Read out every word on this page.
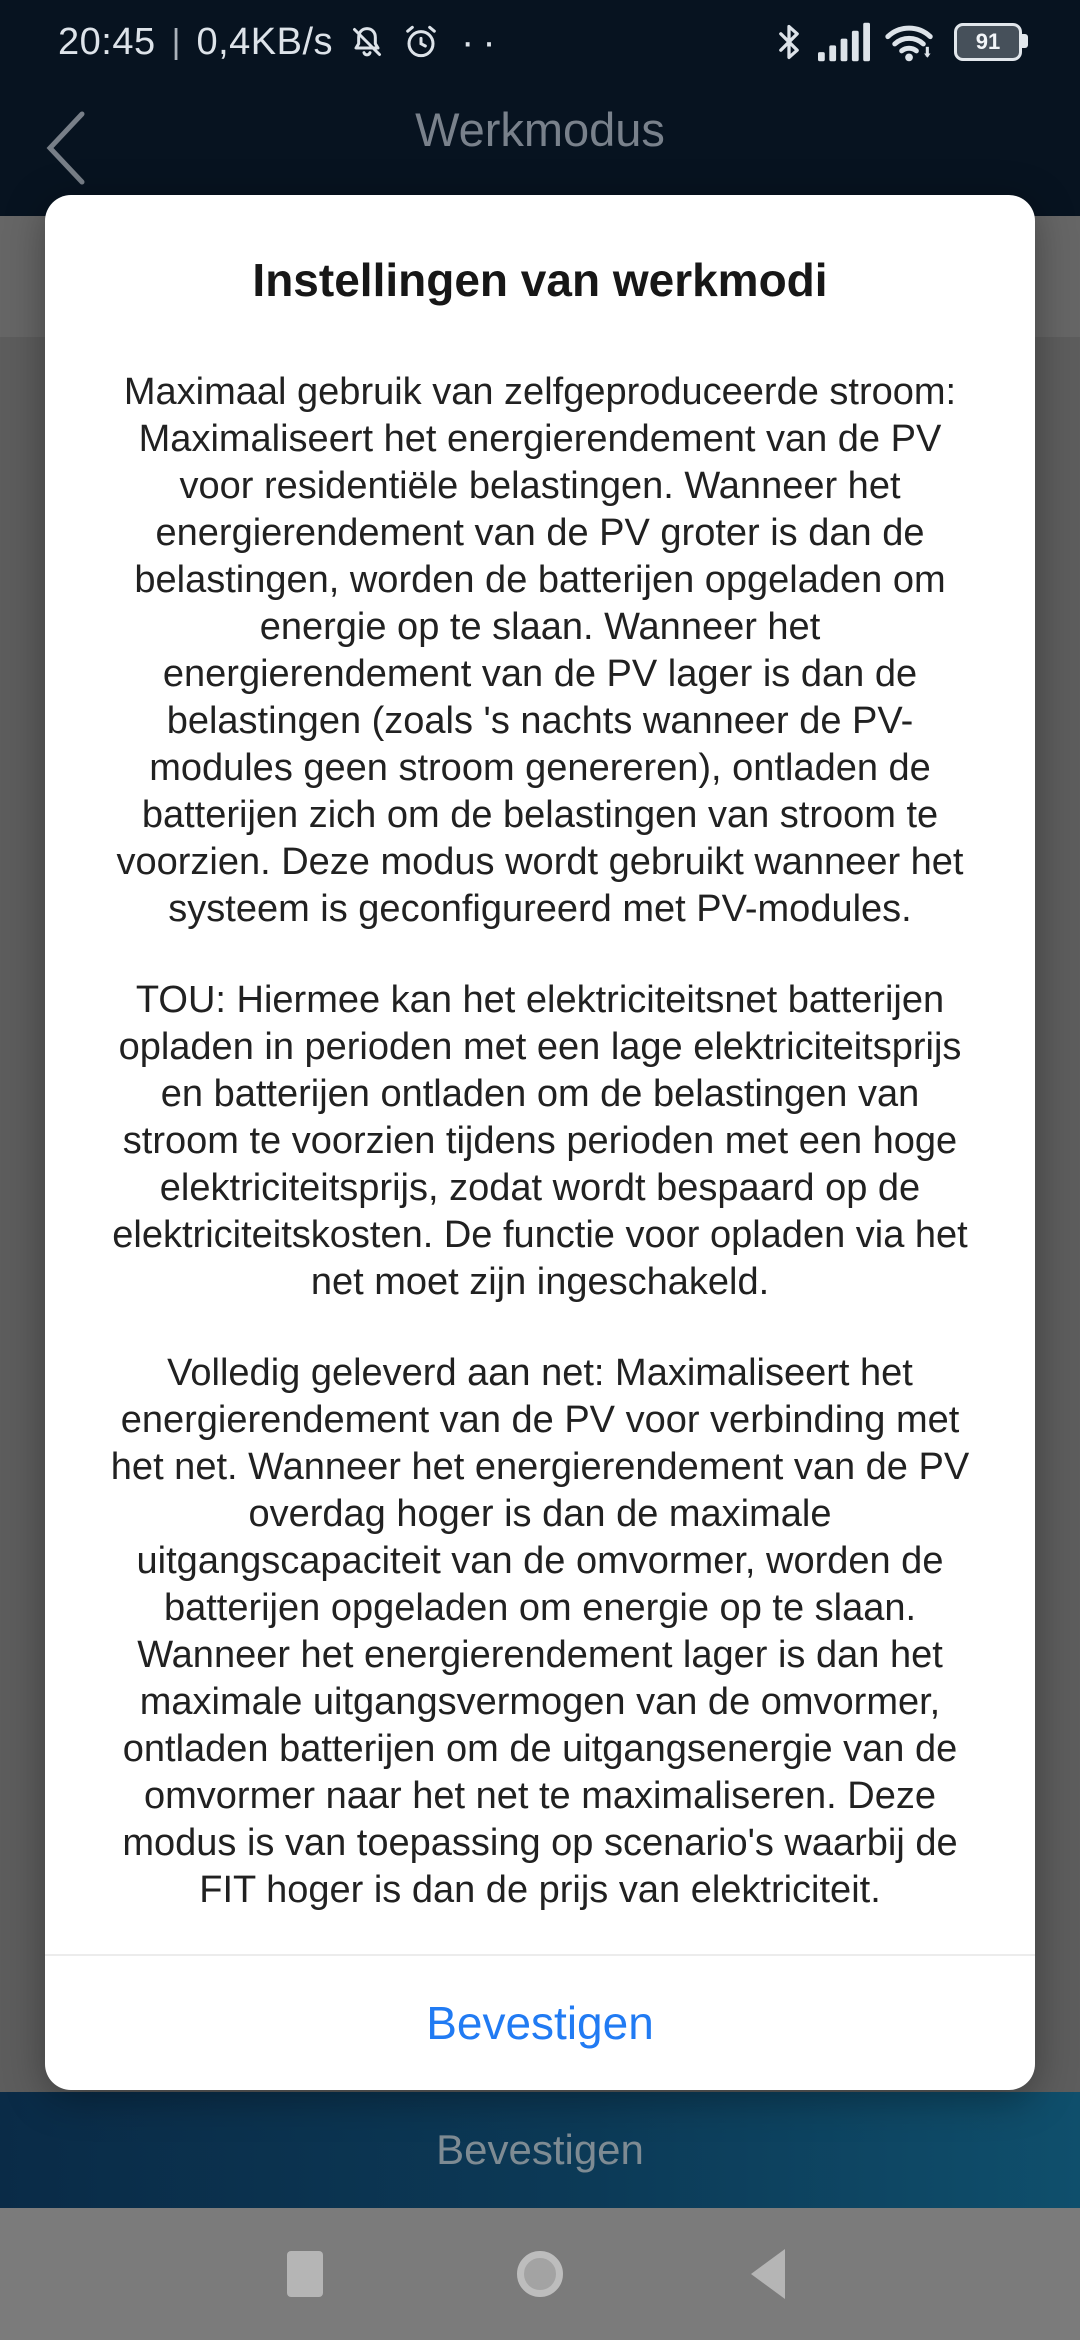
20:45 | 0,4KB/s	··	91
Werkmodus
Bevestigen
Instellingen van werkmodi

Maximaal gebruik van zelfgeproduceerde stroom: Maximaliseert het energierendement van de PV voor residentiële belastingen. Wanneer het energierendement van de PV groter is dan de belastingen, worden de batterijen opgeladen om energie op te slaan. Wanneer het energierendement van de PV lager is dan de belastingen (zoals 's nachts wanneer de PV-modules geen stroom genereren), ontladen de batterijen zich om de belastingen van stroom te voorzien. Deze modus wordt gebruikt wanneer het systeem is geconfigureerd met PV-modules.

TOU: Hiermee kan het elektriciteitsnet batterijen opladen in perioden met een lage elektriciteitsprijs en batterijen ontladen om de belastingen van stroom te voorzien tijdens perioden met een hoge elektriciteitsprijs, zodat wordt bespaard op de elektriciteitskosten. De functie voor opladen via het net moet zijn ingeschakeld.

Volledig geleverd aan net: Maximaliseert het energierendement van de PV voor verbinding met het net. Wanneer het energierendement van de PV overdag hoger is dan de maximale uitgangscapaciteit van de omvormer, worden de batterijen opgeladen om energie op te slaan. Wanneer het energierendement lager is dan het maximale uitgangsvermogen van de omvormer, ontladen batterijen om de uitgangsenergie van de omvormer naar het net te maximaliseren. Deze modus is van toepassing op scenario's waarbij de FIT hoger is dan de prijs van elektriciteit.

Bevestigen
